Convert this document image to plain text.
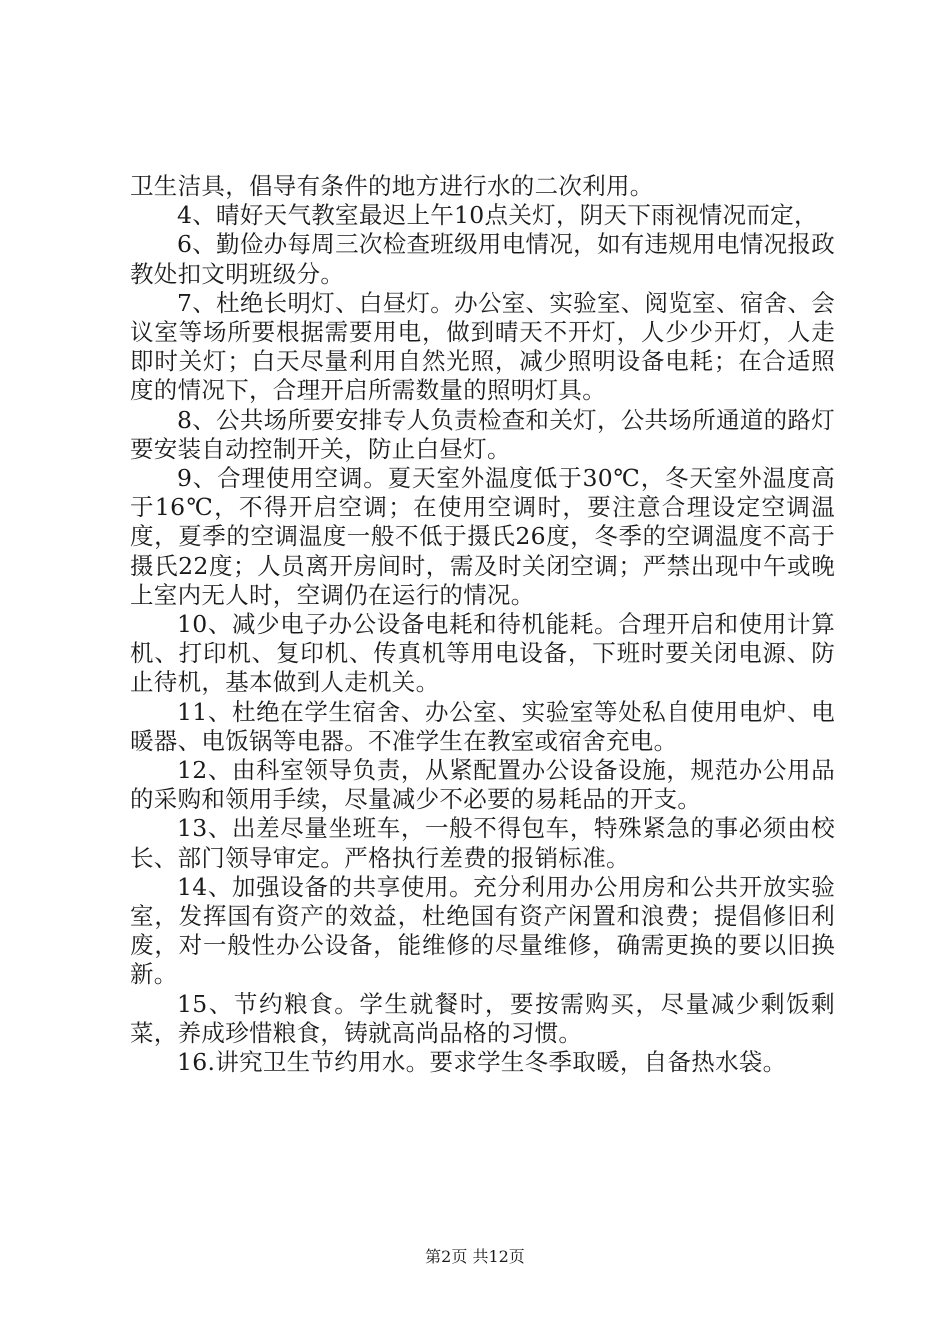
卫生洁具，倡导有条件的地方进行水的二次利用。

4、晴好天气教室最迟上午10点关灯，阴天下雨视情况而定，

6、勤俭办每周三次检查班级用电情况，如有违规用电情况报政教处扣文明班级分。

7、杜绝长明灯、白昼灯。办公室、实验室、阅览室、宿舍、会议室等场所要根据需要用电，做到晴天不开灯，人少少开灯，人走即时关灯；白天尽量利用自然光照，减少照明设备电耗；在合适照度的情况下，合理开启所需数量的照明灯具。

8、公共场所要安排专人负责检查和关灯，公共场所通道的路灯要安装自动控制开关，防止白昼灯。

9、合理使用空调。夏天室外温度低于30℃，冬天室外温度高于16℃，不得开启空调；在使用空调时，要注意合理设定空调温度，夏季的空调温度一般不低于摄氏26度，冬季的空调温度不高于摄氏22度；人员离开房间时，需及时关闭空调；严禁出现中午或晚上室内无人时，空调仍在运行的情况。

10、减少电子办公设备电耗和待机能耗。合理开启和使用计算机、打印机、复印机、传真机等用电设备，下班时要关闭电源、防止待机，基本做到人走机关。

11、杜绝在学生宿舍、办公室、实验室等处私自使用电炉、电暖器、电饭锅等电器。不准学生在教室或宿舍充电。

12、由科室领导负责，从紧配置办公设备设施，规范办公用品的采购和领用手续，尽量减少不必要的易耗品的开支。

13、出差尽量坐班车，一般不得包车，特殊紧急的事必须由校长、部门领导审定。严格执行差费的报销标准。

14、加强设备的共享使用。充分利用办公用房和公共开放实验室，发挥国有资产的效益，杜绝国有资产闲置和浪费；提倡修旧利废，对一般性办公设备，能维修的尽量维修，确需更换的要以旧换新。

15、节约粮食。学生就餐时，要按需购买，尽量减少剩饭剩菜，养成珍惜粮食，铸就高尚品格的习惯。

16.讲究卫生节约用水。要求学生冬季取暖，自备热水袋。

第2页 共12页
